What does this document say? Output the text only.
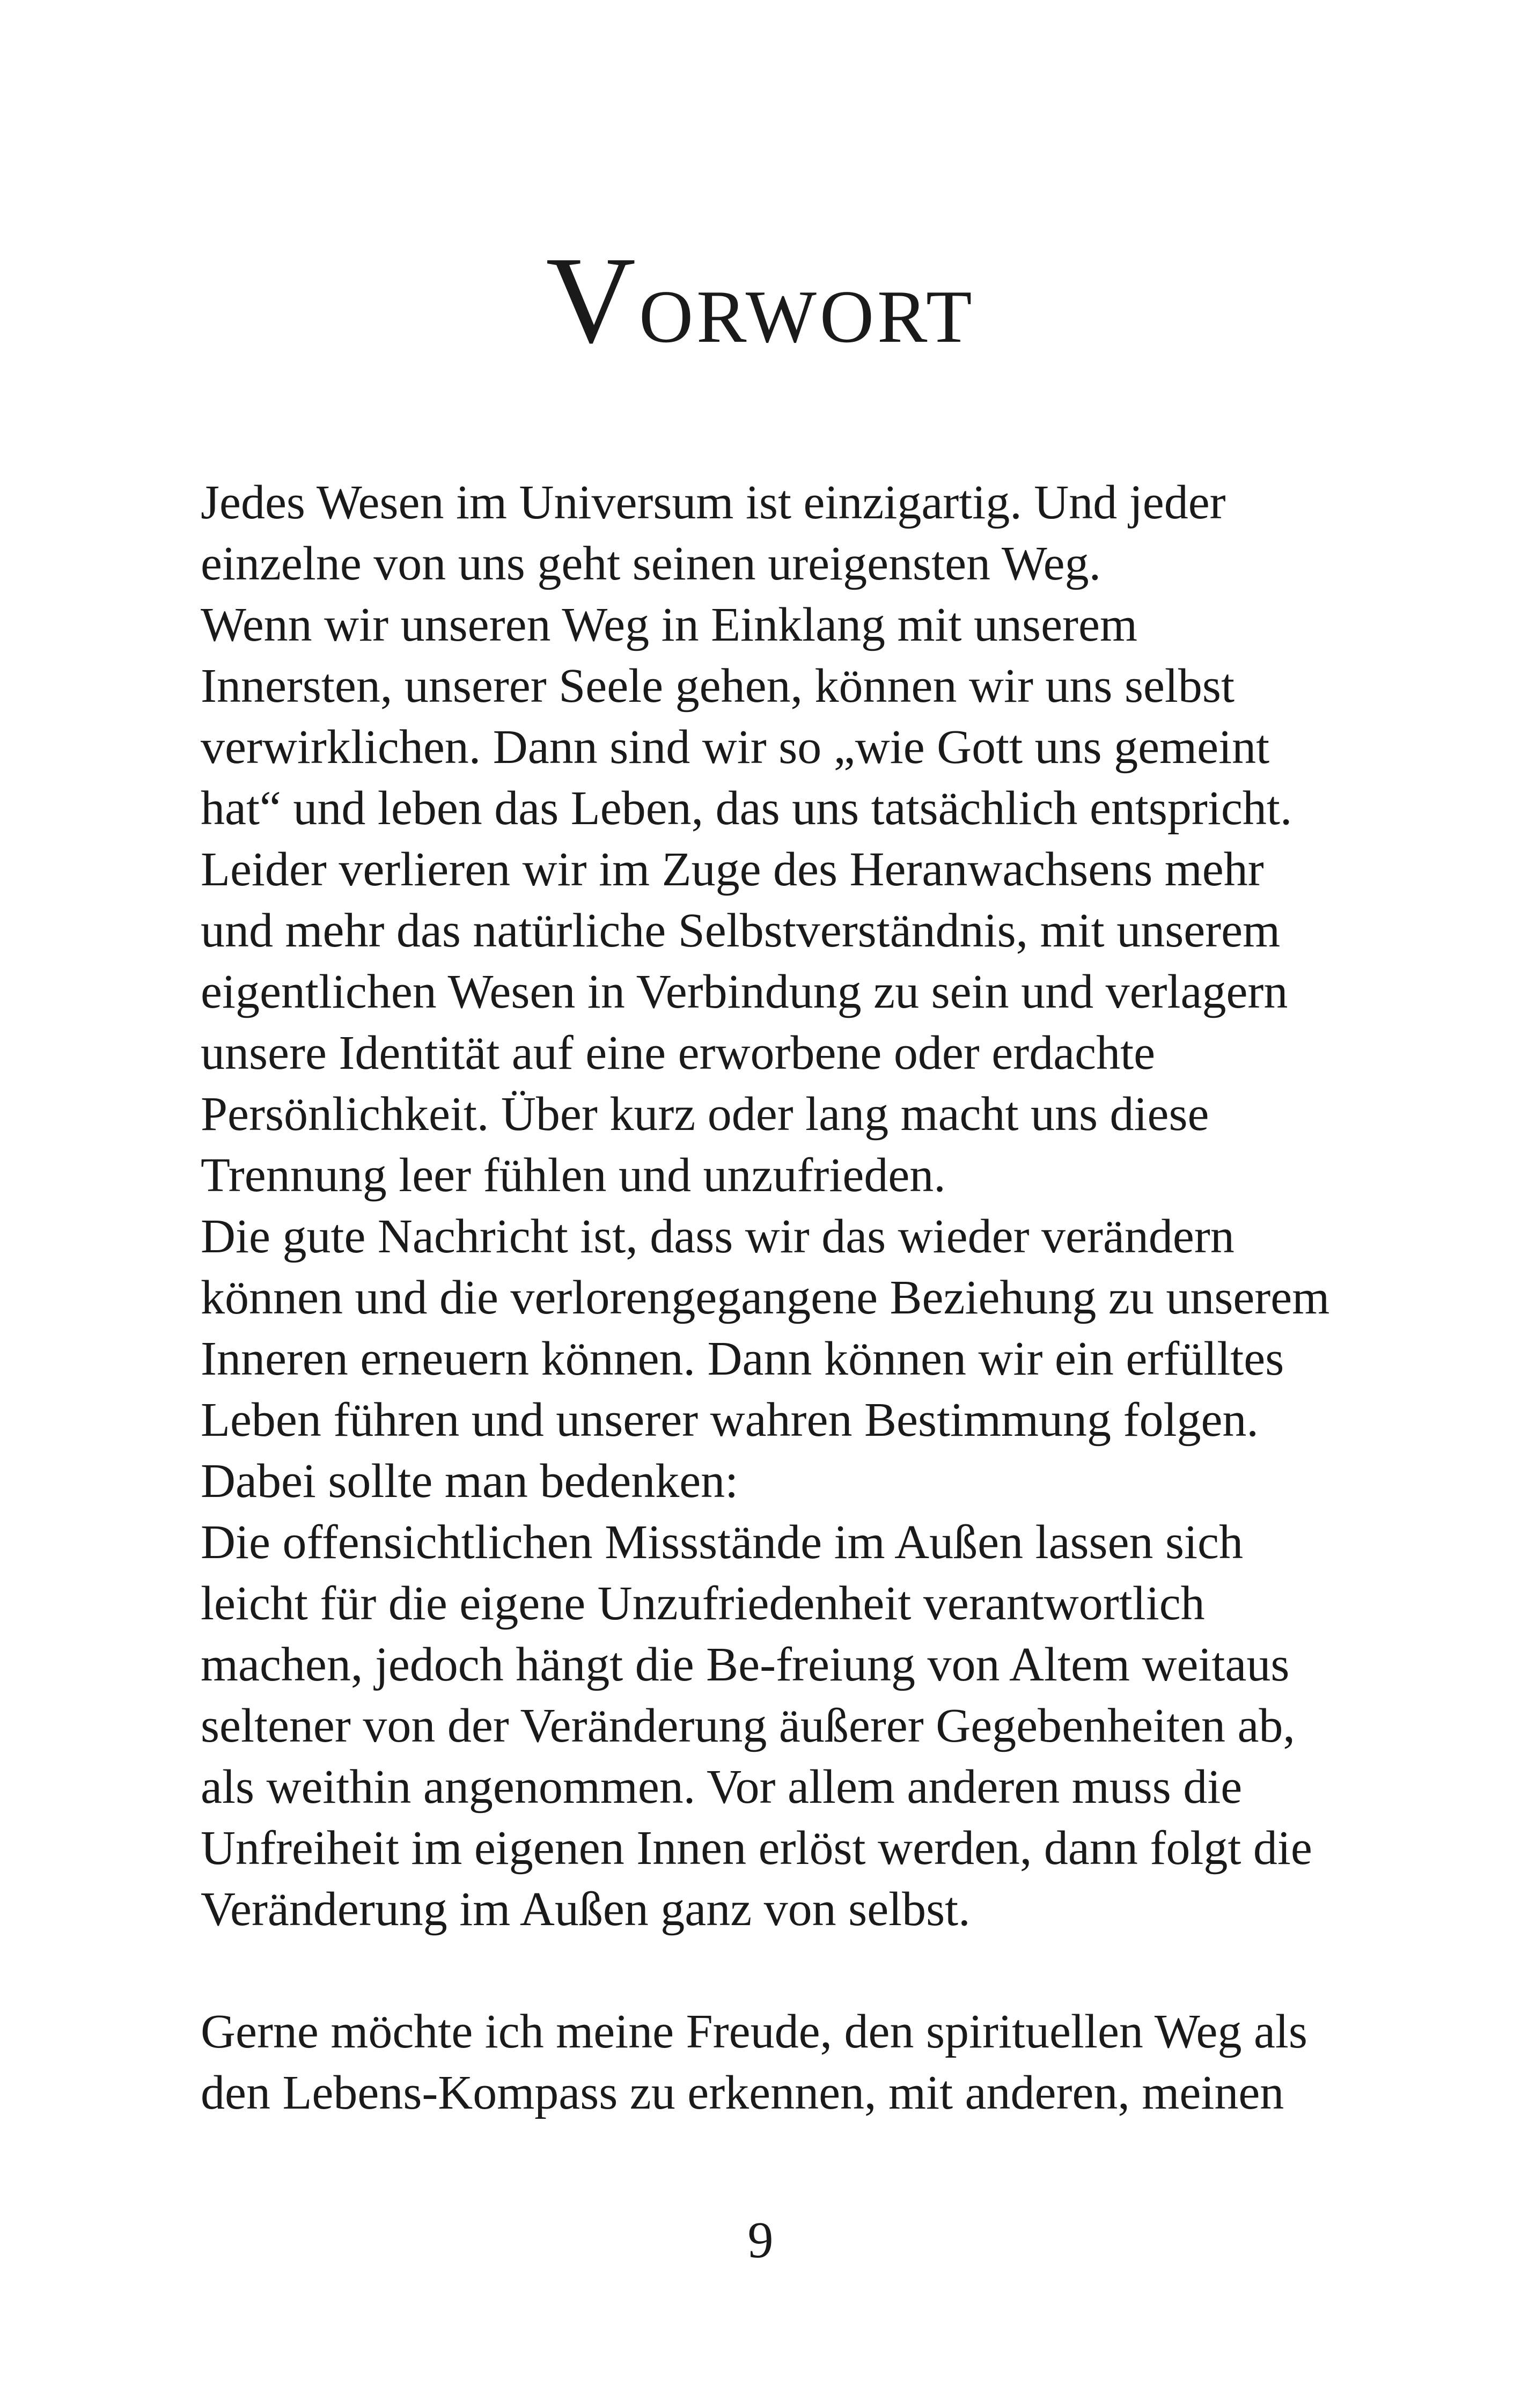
Vorwort
Jedes Wesen im Universum ist einzigartig. Und jeder
einzelne von uns geht seinen ureigensten Weg.
Wenn wir unseren Weg in Einklang mit unserem
Innersten, unserer Seele gehen, können wir uns selbst
verwirklichen. Dann sind wir so „wie Gott uns gemeint
hat“ und leben das Leben, das uns tatsächlich entspricht.
Leider verlieren wir im Zuge des Heranwachsens mehr
und mehr das natürliche Selbstverständnis, mit unserem
eigentlichen Wesen in Verbindung zu sein und verlagern
unsere Identität auf eine erworbene oder erdachte
Persönlichkeit. Über kurz oder lang macht uns diese
Trennung leer fühlen und unzufrieden.
Die gute Nachricht ist, dass wir das wieder verändern
können und die verlorengegangene Beziehung zu unserem
Inneren erneuern können. Dann können wir ein erfülltes
Leben führen und unserer wahren Bestimmung folgen.
Dabei sollte man bedenken:
Die offensichtlichen Missstände im Außen lassen sich
leicht für die eigene Unzufriedenheit verantwortlich
machen, jedoch hängt die Be-freiung von Altem weitaus
seltener von der Veränderung äußerer Gegebenheiten ab,
als weithin angenommen. Vor allem anderen muss die
Unfreiheit im eigenen Innen erlöst werden, dann folgt die
Veränderung im Außen ganz von selbst.
Gerne möchte ich meine Freude, den spirituellen Weg als
den Lebens-Kompass zu erkennen, mit anderen, meinen
9
